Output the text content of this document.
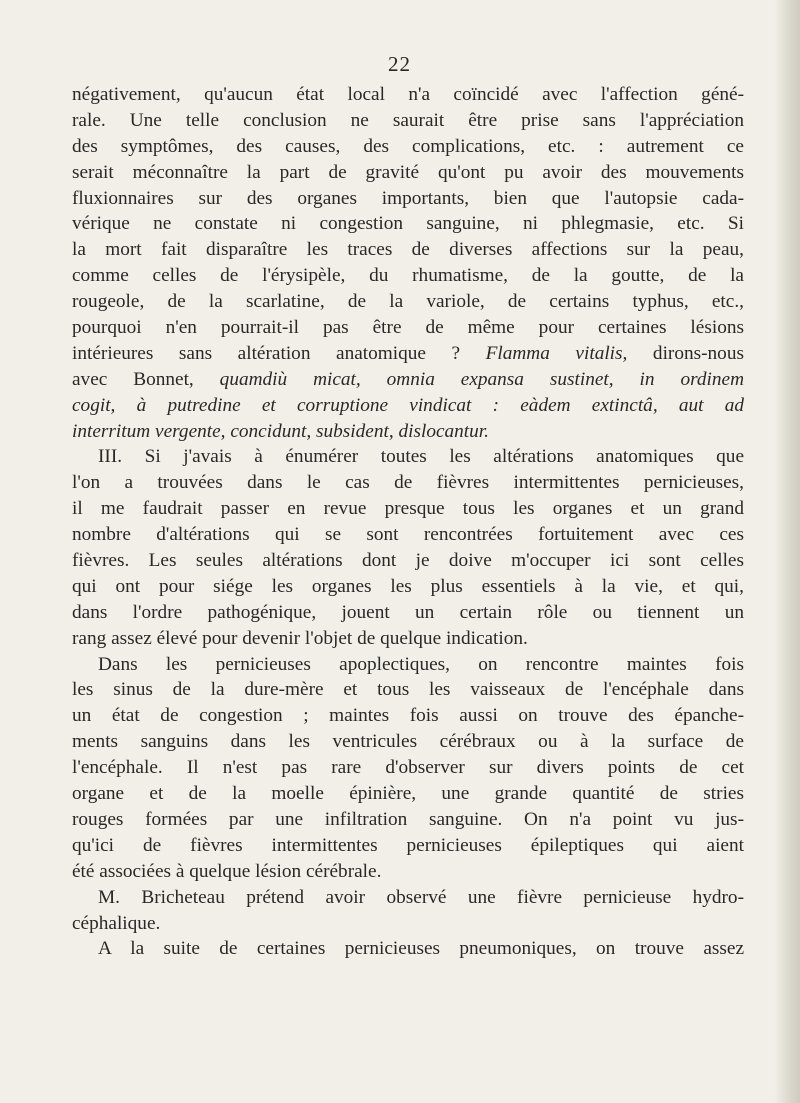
22
négativement, qu'aucun état local n'a coïncidé avec l'affection géné-
rale. Une telle conclusion ne saurait être prise sans l'appréciation
des symptômes, des causes, des complications, etc. : autrement ce
serait méconnaître la part de gravité qu'ont pu avoir des mouvements
fluxionnaires sur des organes importants, bien que l'autopsie cada-
vérique ne constate ni congestion sanguine, ni phlegmasie, etc. Si
la mort fait disparaître les traces de diverses affections sur la peau,
comme celles de l'érysipèle, du rhumatisme, de la goutte, de la
rougeole, de la scarlatine, de la variole, de certains typhus, etc.,
pourquoi n'en pourrait-il pas être de même pour certaines lésions
intérieures sans altération anatomique ? Flamma vitalis, dirons-nous
avec Bonnet, quamdiù micat, omnia expansa sustinet, in ordinem
cogit, à putredine et corruptione vindicat : eàdem extinctâ, aut ad
interritum vergente, concidunt, subsident, dislocantur.
III. Si j'avais à énumérer toutes les altérations anatomiques que
l'on a trouvées dans le cas de fièvres intermittentes pernicieuses,
il me faudrait passer en revue presque tous les organes et un grand
nombre d'altérations qui se sont rencontrées fortuitement avec ces
fièvres. Les seules altérations dont je doive m'occuper ici sont celles
qui ont pour siége les organes les plus essentiels à la vie, et qui,
dans l'ordre pathogénique, jouent un certain rôle ou tiennent un
rang assez élevé pour devenir l'objet de quelque indication.
Dans les pernicieuses apoplectiques, on rencontre maintes fois
les sinus de la dure-mère et tous les vaisseaux de l'encéphale dans
un état de congestion ; maintes fois aussi on trouve des épanche-
ments sanguins dans les ventricules cérébraux ou à la surface de
l'encéphale. Il n'est pas rare d'observer sur divers points de cet
organe et de la moelle épinière, une grande quantité de stries
rouges formées par une infiltration sanguine. On n'a point vu jus-
qu'ici de fièvres intermittentes pernicieuses épileptiques qui aient
été associées à quelque lésion cérébrale.
M. Bricheteau prétend avoir observé une fièvre pernicieuse hydro-
céphalique.
A la suite de certaines pernicieuses pneumoniques, on trouve assez
